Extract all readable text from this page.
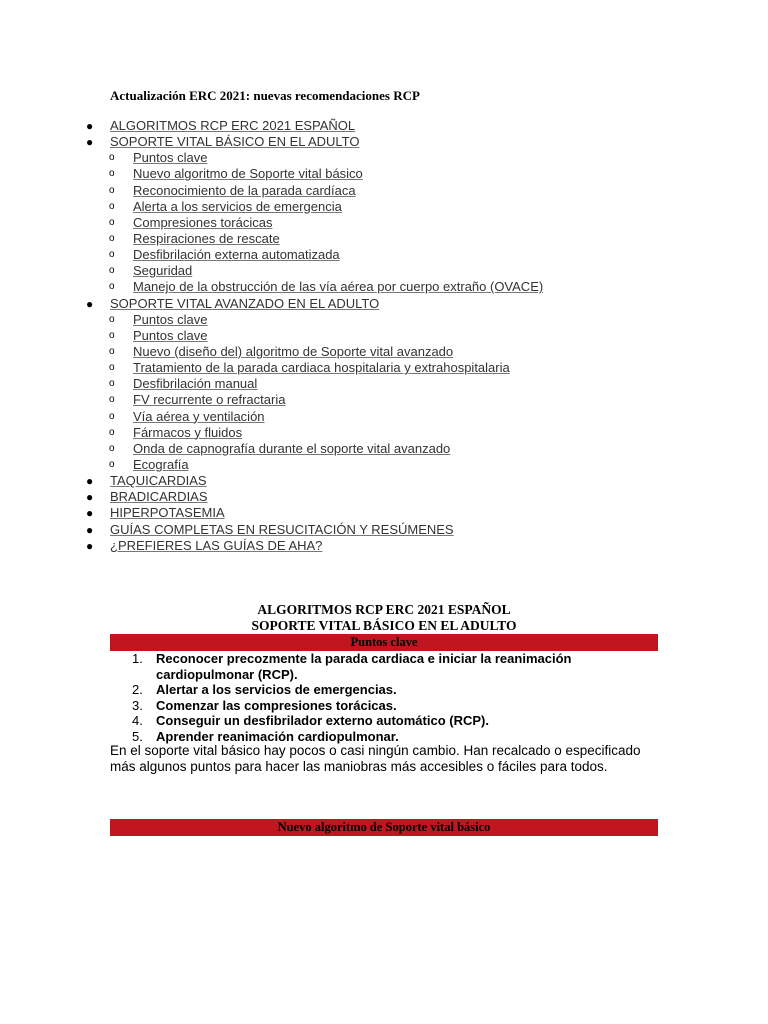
Actualización ERC 2021: nuevas recomendaciones RCP
● ALGORITMOS RCP ERC 2021 ESPAÑOL
● SOPORTE VITAL BÁSICO EN EL ADULTO
o Puntos clave
o Nuevo algoritmo de Soporte vital básico
o Reconocimiento de la parada cardíaca
o Alerta a los servicios de emergencia
o Compresiones torácicas
o Respiraciones de rescate
o Desfibrilación externa automatizada
o Seguridad
o Manejo de la obstrucción de las vía aérea por cuerpo extraño (OVACE)
● SOPORTE VITAL AVANZADO EN EL ADULTO
o Puntos clave
o Puntos clave
o Nuevo (diseño del) algoritmo de Soporte vital avanzado
o Tratamiento de la parada cardiaca hospitalaria y extrahospitalaria
o Desfibrilación manual
o FV recurrente o refractaria
o Vía aérea y ventilación
o Fármacos y fluidos
o Onda de capnografía durante el soporte vital avanzado
o Ecografía
● TAQUICARDIAS
● BRADICARDIAS
● HIPERPOTASEMIA
● GUÍAS COMPLETAS EN RESUCITACIÓN Y RESÚMENES
● ¿PREFIERES LAS GUÍAS DE AHA?
ALGORITMOS RCP ERC 2021 ESPAÑOL
SOPORTE VITAL BÁSICO EN EL ADULTO
Puntos clave
1. Reconocer precozmente la parada cardiaca e iniciar la reanimación cardiopulmonar (RCP).
2. Alertar a los servicios de emergencias.
3. Comenzar las compresiones torácicas.
4. Conseguir un desfibrilador externo automático (RCP).
5. Aprender reanimación cardiopulmonar.
En el soporte vital básico hay pocos o casi ningún cambio. Han recalcado o especificado más algunos puntos para hacer las maniobras más accesibles o fáciles para todos.
Nuevo algoritmo de Soporte vital básico
